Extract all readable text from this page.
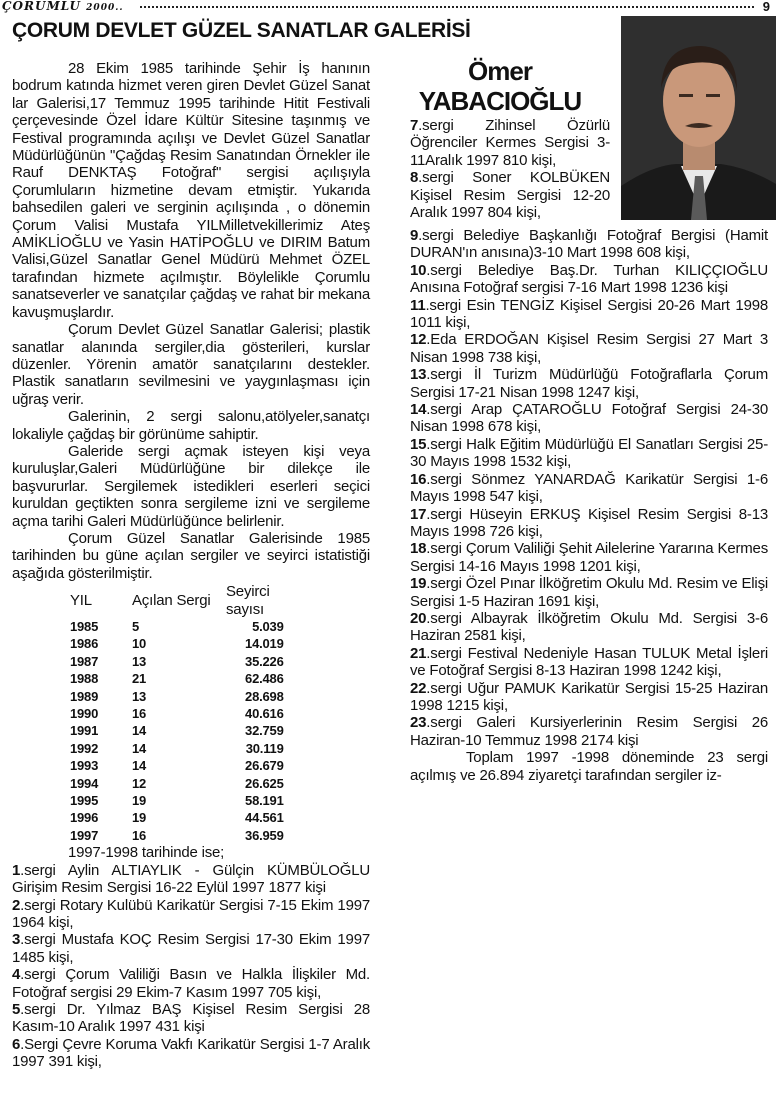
ÇORUMLU 2000..	9
ÇORUM DEVLET GÜZEL SANATLAR GALERİSİ
Ömer
YABACIOĞLU

28 Ekim 1985 tarihinde Şehir İş hanının bodrum katında hizmet veren giren Devlet Güzel Sanat lar Galerisi,17 Temmuz 1995 tarihinde Hitit Festivali çerçevesinde Özel İdare Kültür Sitesine taşınmış ve Festival programında açılışı ve Devlet Güzel Sanatlar Müdürlüğünün "Çağdaş Resim Sanatından Örnekler ile Rauf DENKTAŞ Fotoğraf" sergisi açılışıyla Çorumluların hizmetine devam etmiştir. Yukarıda bahsedilen galeri ve serginin açılışında , o dönemin Çorum Valisi Mustafa YILMilletvekillerimiz Ateş AMİKLİOĞLU ve Yasin HATİPOĞLU ve DIRIM Batum Valisi,Güzel Sanatlar Genel Müdürü Mehmet ÖZEL tarafından hizmete açılmıştır. Böylelikle Çorumlu sanatseverler ve sanatçılar çağdaş ve rahat bir mekana kavuşmuşlardır.

Çorum Devlet Güzel Sanatlar Galerisi; plastik sanatlar alanında sergiler,dia gösterileri, kurslar düzenler. Yörenin amatör sanatçılarını destekler. Plastik sanatların sevilmesini ve yaygınlaşması için uğraş verir.

Galerinin, 2 sergi salonu,atölyeler,sanatçı lokaliyle çağdaş bir görünüme sahiptir.

Galeride sergi açmak isteyen kişi veya kuruluşlar,Galeri Müdürlüğüne bir dilekçe ile başvururlar. Sergilemek istedikleri eserleri seçici kuruldan geçtikten sonra sergileme izni ve sergileme açma tarihi Galeri Müdürlüğünce belirlenir.

Çorum Güzel Sanatlar Galerisinde 1985 tarihinden bu güne açılan sergiler ve seyirci istatistiği aşağıda gösterilmiştir.

YIL	Açılan Sergi	Seyirci sayısı
1985	5	5.039
1986	10	14.019
1987	13	35.226
1988	21	62.486
1989	13	28.698
1990	16	40.616
1991	14	32.759
1992	14	30.119
1993	14	26.679
1994	12	26.625
1995	19	58.191
1996	19	44.561
1997	16	36.959

1997-1998 tarihinde ise;

1.sergi Aylin ALTIAYLIK - Gülçin KÜMBÜLOĞLU Girişim Resim Sergisi 16-22 Eylül 1997 1877 kişi

2.sergi Rotary Kulübü Karikatür Sergisi 7-15 Ekim 1997 1964 kişi,

3.sergi Mustafa KOÇ Resim Sergisi 17-30 Ekim 1997 1485 kişi,

4.sergi Çorum Valiliği Basın ve Halkla İlişkiler Md. Fotoğraf sergisi 29 Ekim-7 Kasım 1997 705 kişi,

5.sergi Dr. Yılmaz BAŞ Kişisel Resim Sergisi 28 Kasım-10 Aralık 1997 431 kişi

6.Sergi Çevre Koruma Vakfı Karikatür Sergisi 1-7 Aralık 1997 391 kişi,

7.sergi Zihinsel Özürlü Öğrenciler Kermes Sergisi 3-11Aralık 1997 810 kişi,

8.sergi Soner KOLBÜKEN Kişisel Resim Sergisi 12-20 Aralık 1997 804 kişi,

9.sergi Belediye Başkanlığı Fotoğraf Bergisi (Hamit DURAN'ın anısına)3-10 Mart 1998 608 kişi,

10.sergi Belediye Baş.Dr. Turhan KILIÇÇIOĞLU Anısına Fotoğraf sergisi 7-16 Mart 1998 1236 kişi

11.sergi Esin TENGİZ Kişisel Sergisi 20-26 Mart 1998 1011 kişi,

12.Eda ERDOĞAN Kişisel Resim Sergisi 27 Mart 3 Nisan 1998 738 kişi,

13.sergi İl Turizm Müdürlüğü Fotoğraflarla Çorum Sergisi 17-21 Nisan 1998 1247 kişi,

14.sergi Arap ÇATAROĞLU Fotoğraf Sergisi 24-30 Nisan 1998 678 kişi,

15.sergi Halk Eğitim Müdürlüğü El Sanatları Sergisi 25-30 Mayıs 1998 1532 kişi,

16.sergi Sönmez YANARDAĞ Karikatür Sergisi 1-6 Mayıs 1998 547 kişi,

17.sergi Hüseyin ERKUŞ Kişisel Resim Sergisi 8-13 Mayıs 1998 726 kişi,

18.sergi Çorum Valiliği Şehit Ailelerine Yararına Kermes Sergisi 14-16 Mayıs 1998 1201 kişi,

19.sergi Özel Pınar İlköğretim Okulu Md. Resim ve Elişi Sergisi 1-5 Haziran 1691 kişi,

20.sergi Albayrak İlköğretim Okulu Md. Sergisi 3-6 Haziran 2581 kişi,

21.sergi Festival Nedeniyle Hasan TULUK Metal İşleri ve Fotoğraf Sergisi 8-13 Haziran 1998 1242 kişi,

22.sergi Uğur PAMUK Karikatür Sergisi 15-25 Haziran 1998 1215 kişi,

23.sergi Galeri Kursiyerlerinin Resim Sergisi 26 Haziran-10 Temmuz 1998 2174 kişi

Toplam 1997 -1998 döneminde 23 sergi açılmış ve 26.894 ziyaretçi tarafından sergiler iz-
